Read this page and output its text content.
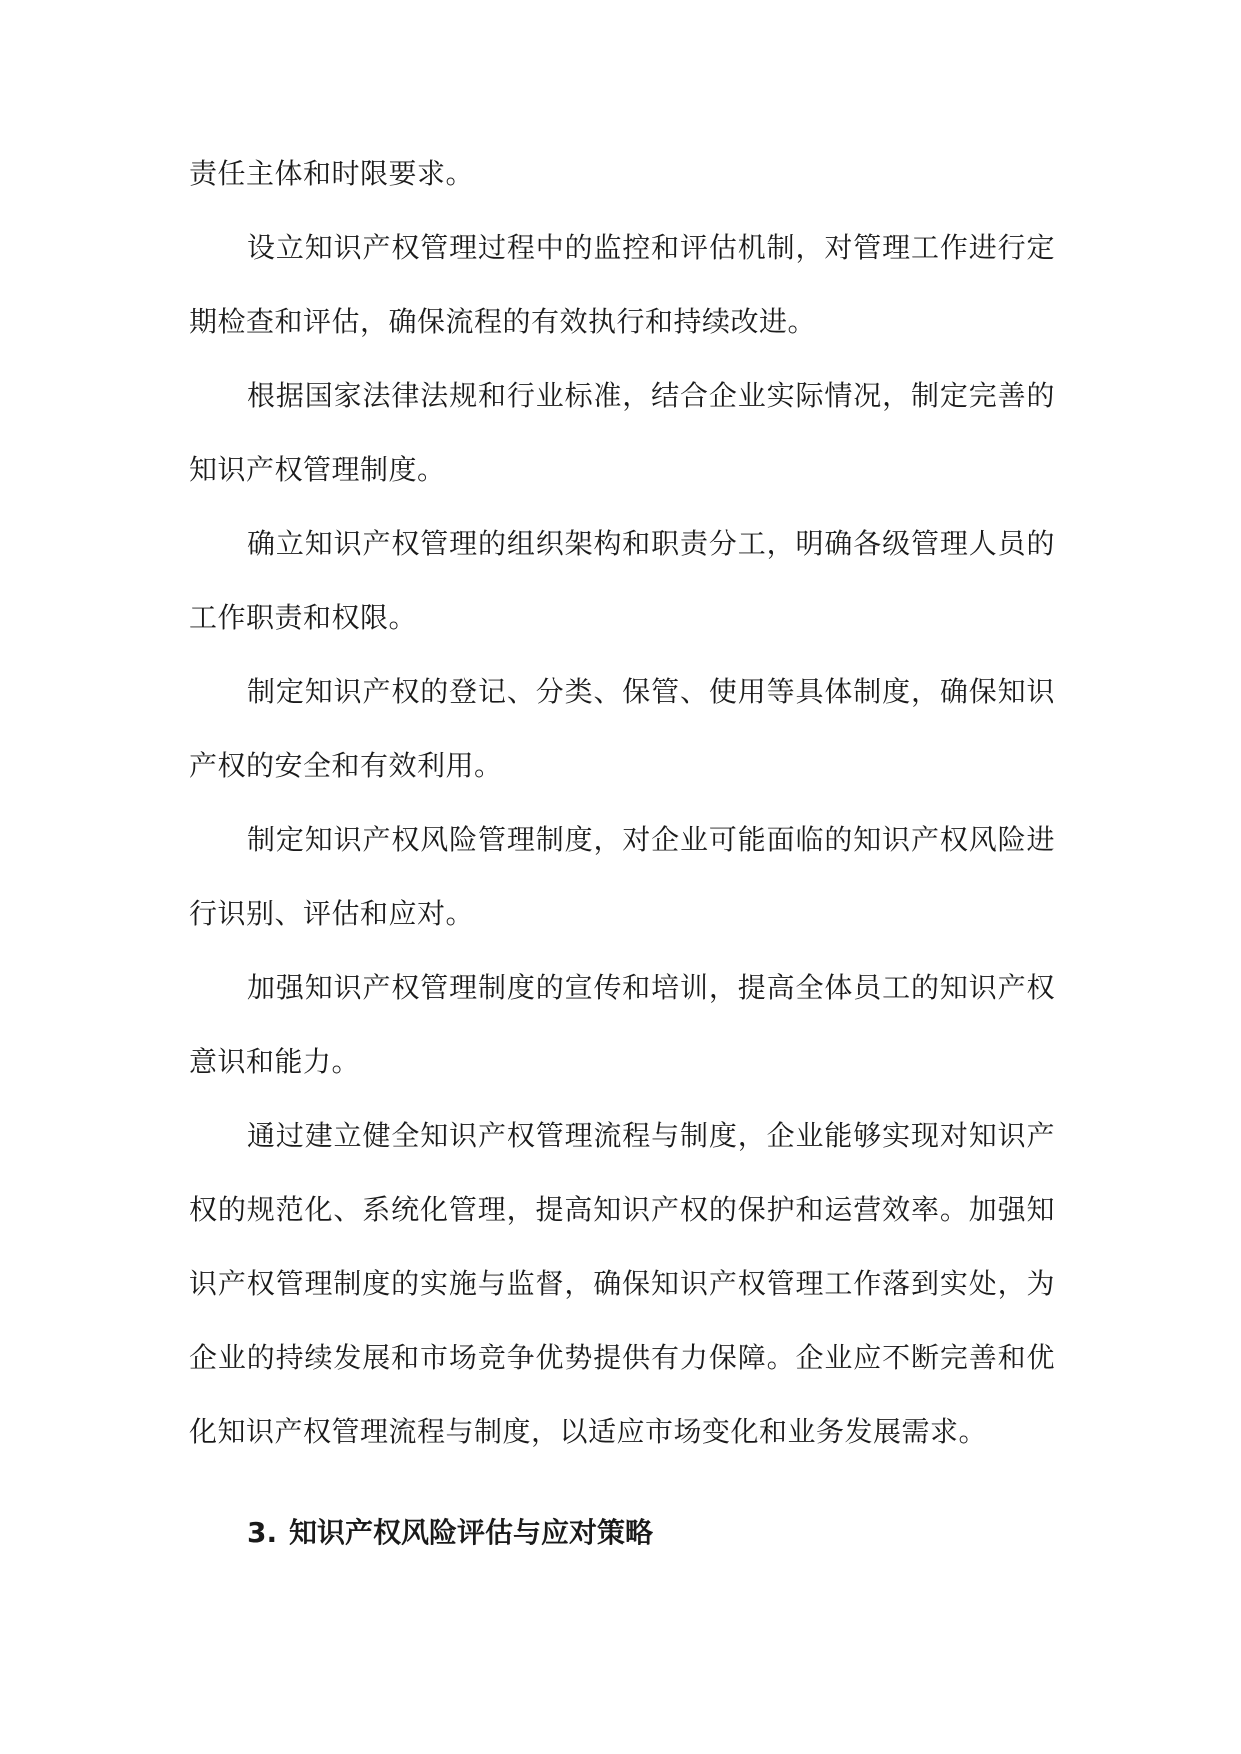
责任主体和时限要求。

设立知识产权管理过程中的监控和评估机制，对管理工作进行定期检查和评估，确保流程的有效执行和持续改进。

根据国家法律法规和行业标准，结合企业实际情况，制定完善的知识产权管理制度。

确立知识产权管理的组织架构和职责分工，明确各级管理人员的工作职责和权限。

制定知识产权的登记、分类、保管、使用等具体制度，确保知识产权的安全和有效利用。

制定知识产权风险管理制度，对企业可能面临的知识产权风险进行识别、评估和应对。

加强知识产权管理制度的宣传和培训，提高全体员工的知识产权意识和能力。

通过建立健全知识产权管理流程与制度，企业能够实现对知识产权的规范化、系统化管理，提高知识产权的保护和运营效率。加强知识产权管理制度的实施与监督，确保知识产权管理工作落到实处，为企业的持续发展和市场竞争优势提供有力保障。企业应不断完善和优化知识产权管理流程与制度，以适应市场变化和业务发展需求。

3. 知识产权风险评估与应对策略
